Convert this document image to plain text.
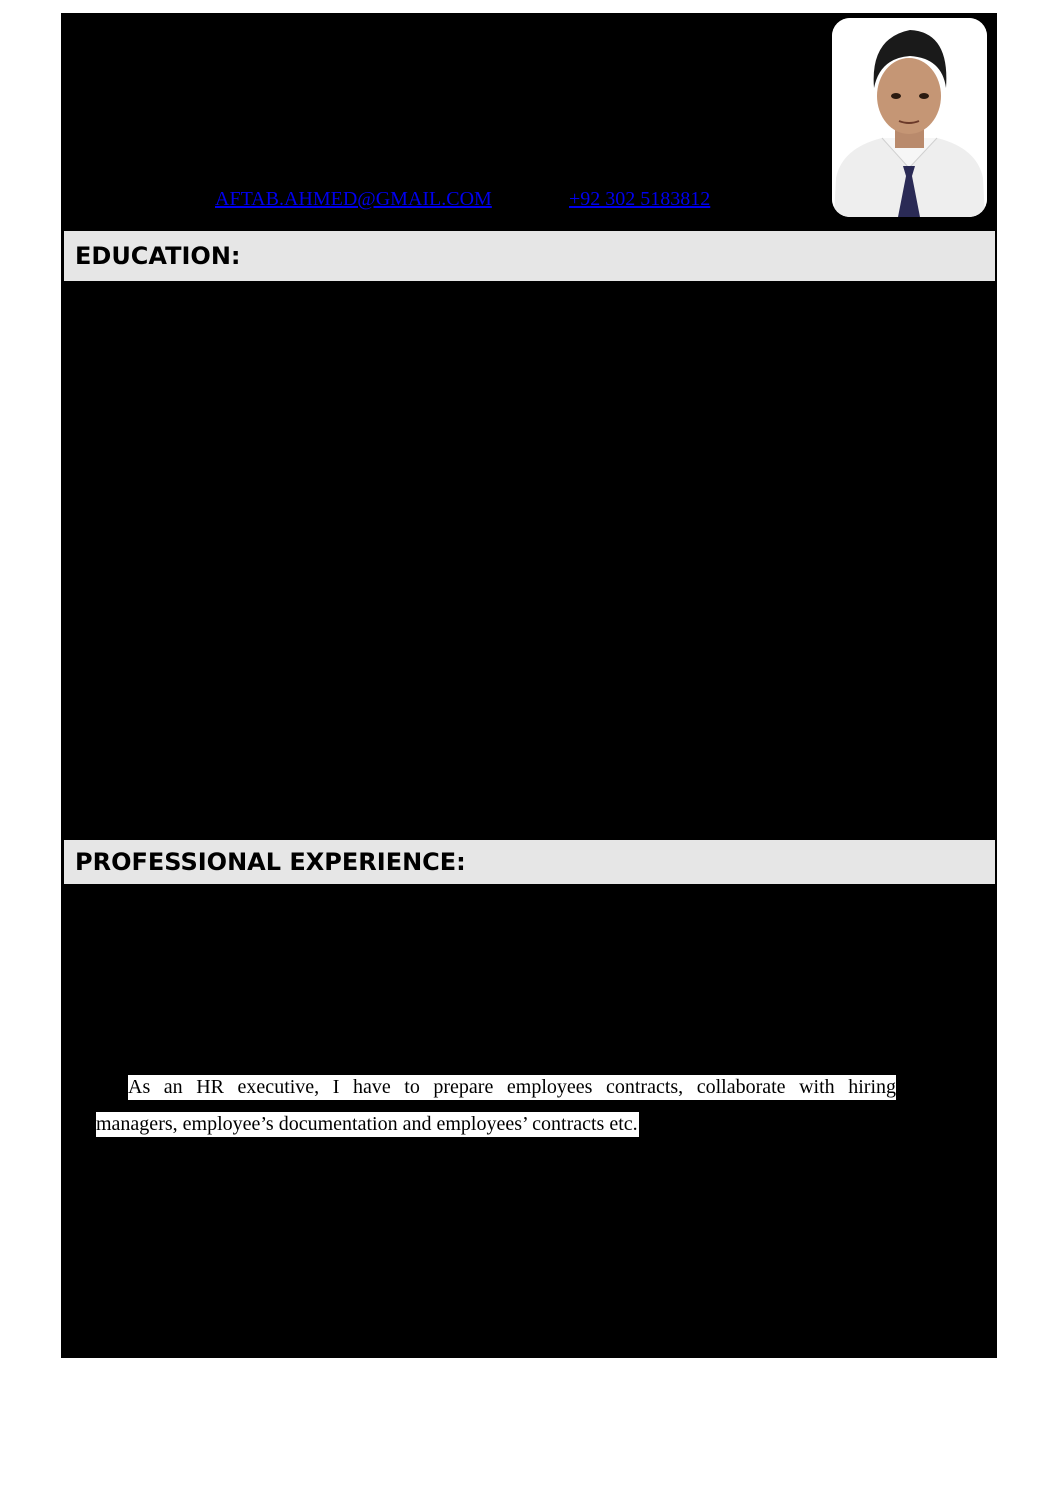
AFTAB.AHMED@GMAIL.COM	+92 302 5183812
EDUCATION:
PROFESSIONAL EXPERIENCE:
As an HR executive, I have to prepare employees contracts, collaborate with hiring
managers, employee’s documentation and employees’ contracts etc.
